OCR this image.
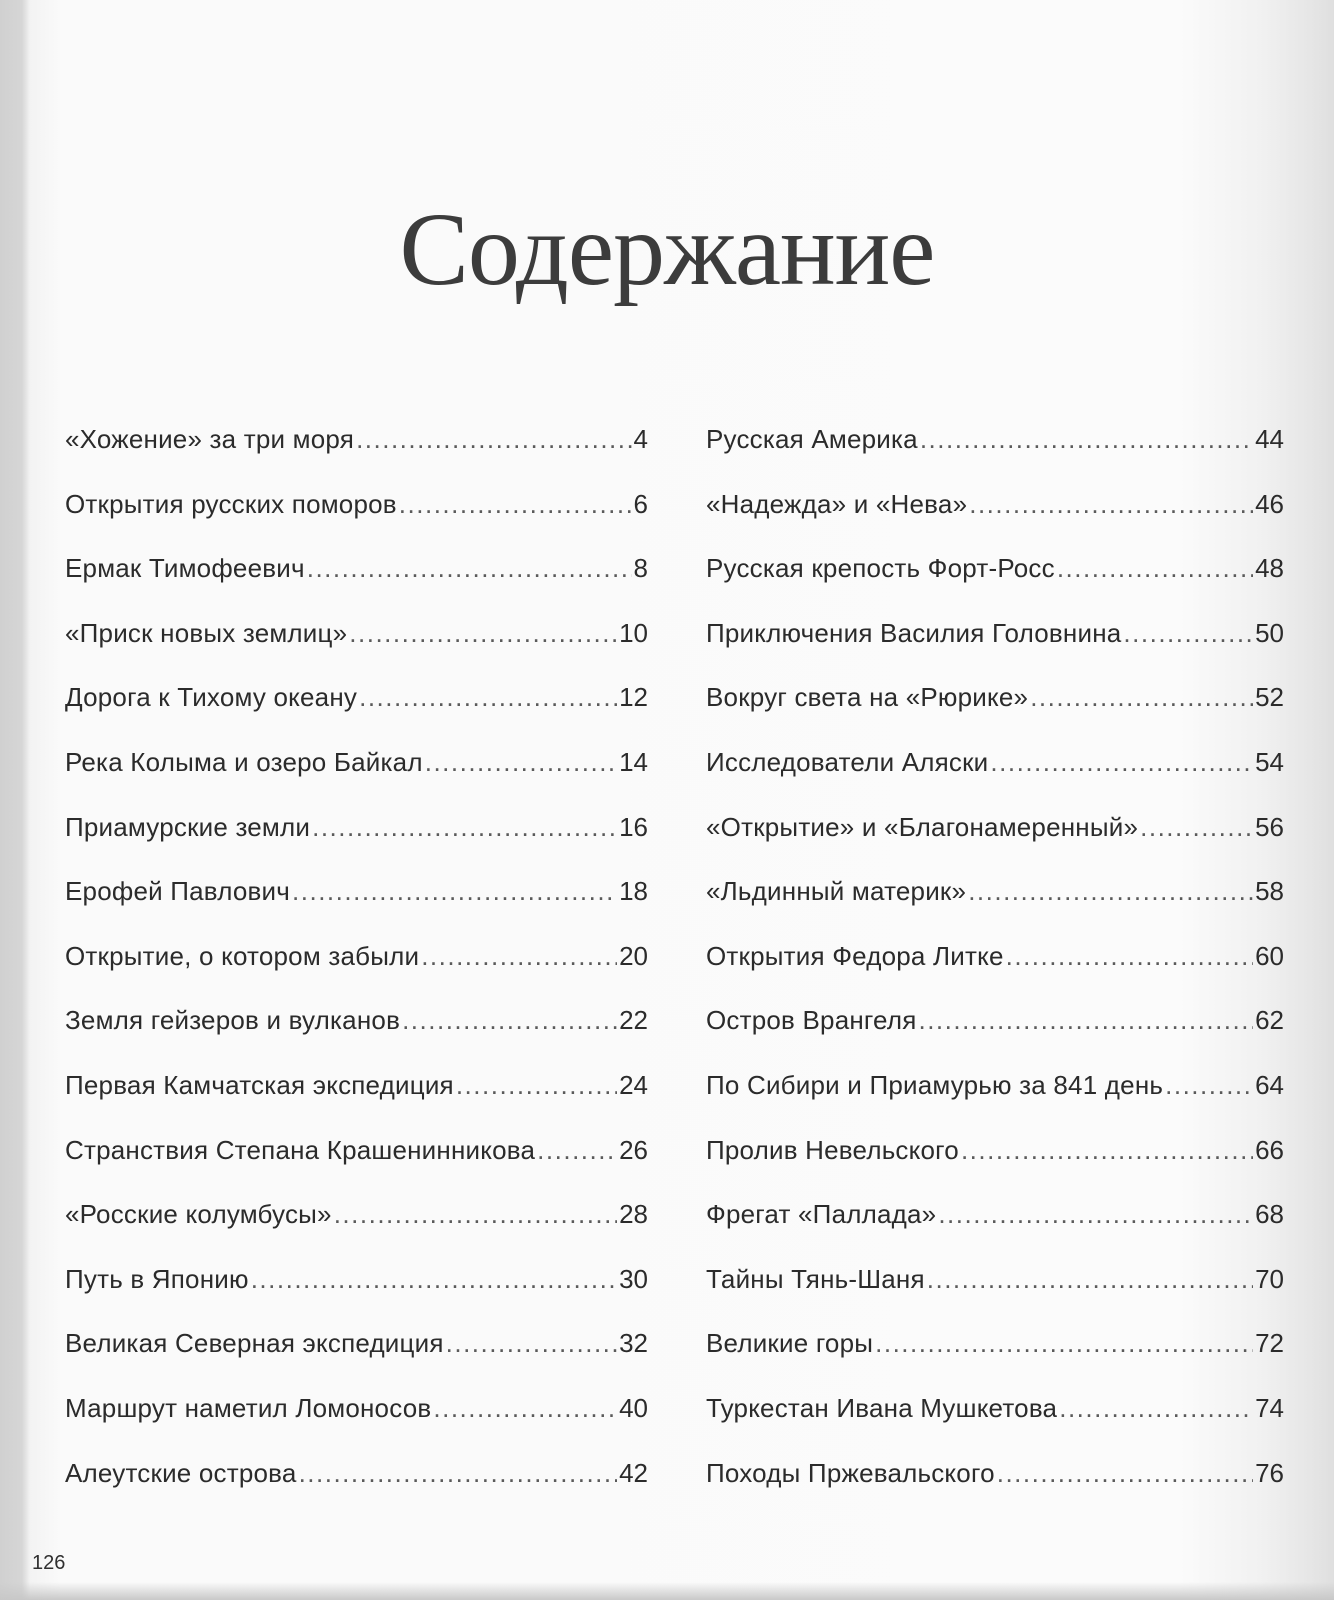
Содержание
«Хожение» за три моря .....	4
Открытия русских поморов .....	6
Ермак Тимофеевич .....	8
«Приск новых землиц» .....	10
Дорога к Тихому океану .....	12
Река Колыма и озеро Байкал .....	14
Приамурские земли .....	16
Ерофей Павлович .....	18
Открытие, о котором забыли .....	20
Земля гейзеров и вулканов .....	22
Первая Камчатская экспедиция .....	24
Странствия Степана Крашенинникова .....	26
«Росские колумбусы» .....	28
Путь в Японию .....	30
Великая Северная экспедиция .....	32
Маршрут наметил Ломоносов .....	40
Алеутские острова .....	42
Русская Америка .....	44
«Надежда» и «Нева» .....	46
Русская крепость Форт-Росс .....	48
Приключения Василия Головнина .....	50
Вокруг света на «Рюрике» .....	52
Исследователи Аляски .....	54
«Открытие» и «Благонамеренный» .....	56
«Льдинный материк» .....	58
Открытия Федора Литке .....	60
Остров Врангеля .....	62
По Сибири и Приамурью за 841 день .....	64
Пролив Невельского .....	66
Фрегат «Паллада» .....	68
Тайны Тянь-Шаня .....	70
Великие горы .....	72
Туркестан Ивана Мушкетова .....	74
Походы Пржевальского .....	76
126
